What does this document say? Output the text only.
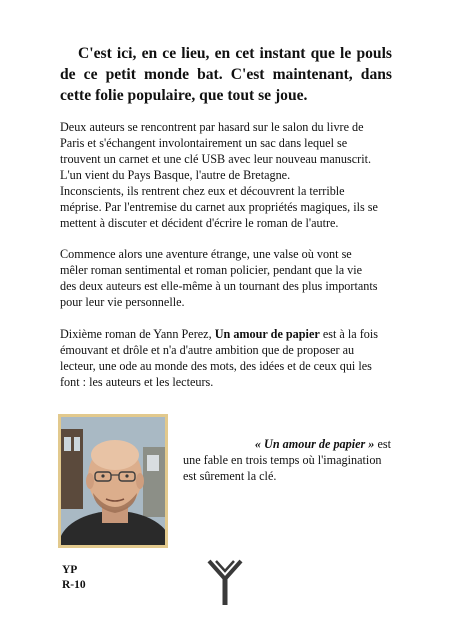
C'est ici, en ce lieu, en cet instant que le pouls de ce petit monde bat. C'est maintenant, dans cette folie populaire, que tout se joue.

Deux auteurs se rencontrent par hasard sur le salon du livre de
Paris et s'échangent involontairement un sac dans lequel se
trouvent un carnet et une clé USB avec leur nouveau manuscrit.
L'un vient du Pays Basque, l'autre de Bretagne.
Inconscients, ils rentrent chez eux et découvrent la terrible
méprise. Par l'entremise du carnet aux propriétés magiques, ils se
mettent à discuter et décident d'écrire le roman de l'autre.

Commence alors une aventure étrange, une valse où vont se
mêler roman sentimental et roman policier, pendant que la vie
des deux auteurs est elle-même à un tournant des plus importants
pour leur vie personnelle.

Dixième roman de Yann Perez, Un amour de papier est à la fois
émouvant et drôle et n'a d'autre ambition que de proposer au
lecteur, une ode au monde des mots, des idées et de ceux qui les
font : les auteurs et les lecteurs.

« Un amour de papier » est
une fable en trois temps où l'imagination
est sûrement la clé.

YP
R-10
